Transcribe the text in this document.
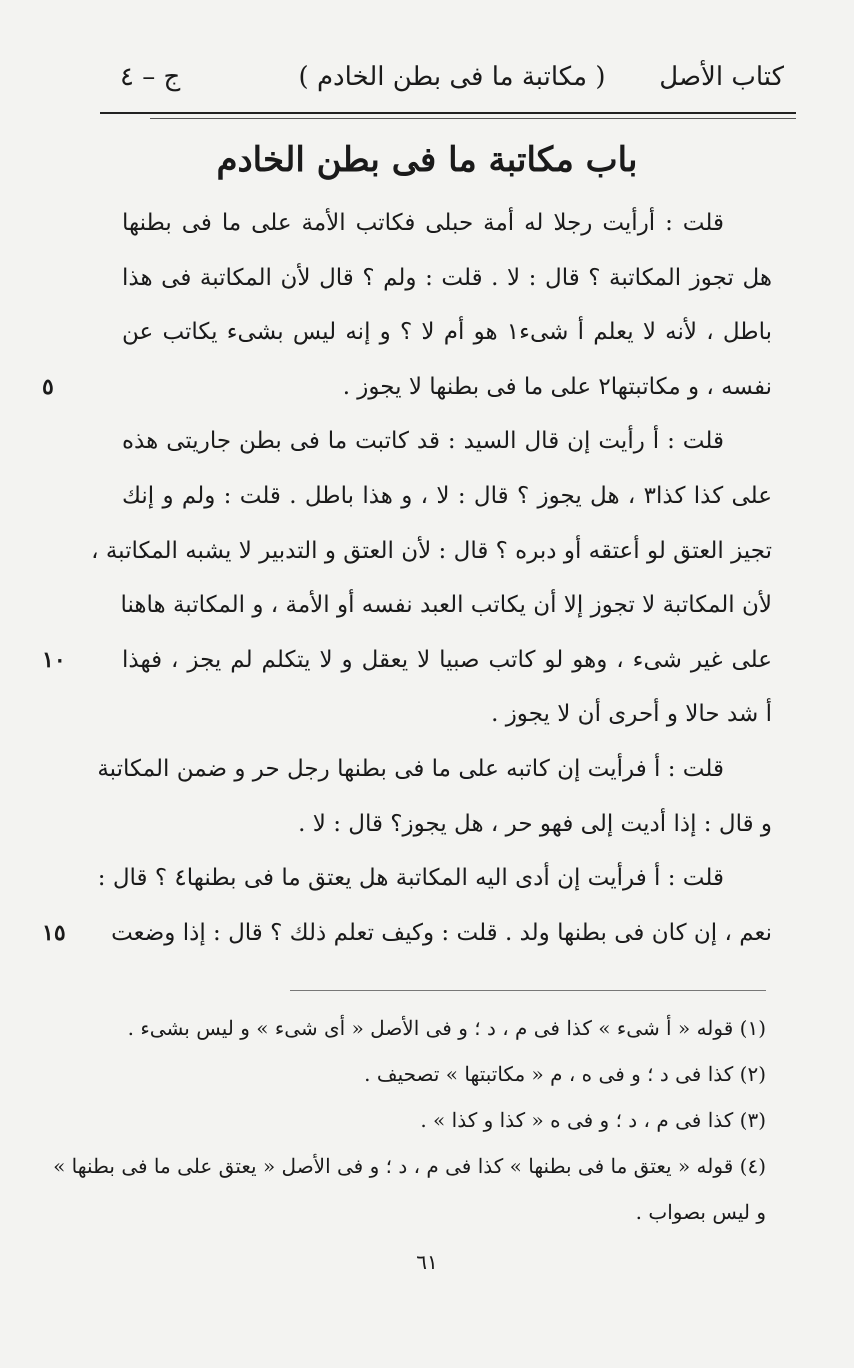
كتاب الأصل
( مكاتبة ما فى بطن الخادم )
ج – ٤
باب مكاتبة ما فى بطن الخادم
قلت : أرأيت رجلا له أمة حبلى فكاتب الأمة على ما فى بطنها
هل تجوز المكاتبة ؟ قال : لا . قلت : ولم ؟ قال لأن المكاتبة فى هذا
باطل ، لأنه لا يعلم أ شىء١ هو أم لا ؟ و إنه ليس بشىء يكاتب عن
نفسه ، و مكاتبتها٢ على ما فى بطنها لا يجوز .
٥
قلت : أ رأيت إن قال السيد : قد كاتبت ما فى بطن جاريتى هذه
على كذا كذا٣ ، هل يجوز ؟ قال : لا ، و هذا باطل . قلت : ولم و إنك
تجيز العتق لو أعتقه أو دبره ؟ قال : لأن العتق و التدبير لا يشبه المكاتبة ،
لأن المكاتبة لا تجوز إلا أن يكاتب العبد نفسه أو الأمة ، و المكاتبة هاهنا
على غير شىء ، وهو لو كاتب صبيا لا يعقل و لا يتكلم لم يجز ، فهذا
١٠
أ شد حالا و أحرى أن لا يجوز .
قلت : أ فرأيت إن كاتبه على ما فى بطنها رجل حر و ضمن المكاتبة
و قال : إذا أديت إلى فهو حر ، هل يجوز؟ قال : لا .
قلت : أ فرأيت إن أدى اليه المكاتبة هل يعتق ما فى بطنها٤ ؟ قال :
نعم ، إن كان فى بطنها ولد . قلت : وكيف تعلم ذلك ؟ قال : إذا وضعت
١٥
(١) قوله « أ شىء » كذا فى م ، د ؛ و فى الأصل « أى شىء » و ليس بشىء .
(٢) كذا فى د ؛ و فى ه ، م « مكاتبتها » تصحيف .
(٣) كذا فى م ، د ؛ و فى ه « كذا و كذا » .
(٤) قوله « يعتق ما فى بطنها » كذا فى م ، د ؛ و فى الأصل « يعتق على ما فى بطنها »
و ليس بصواب .
٦١
